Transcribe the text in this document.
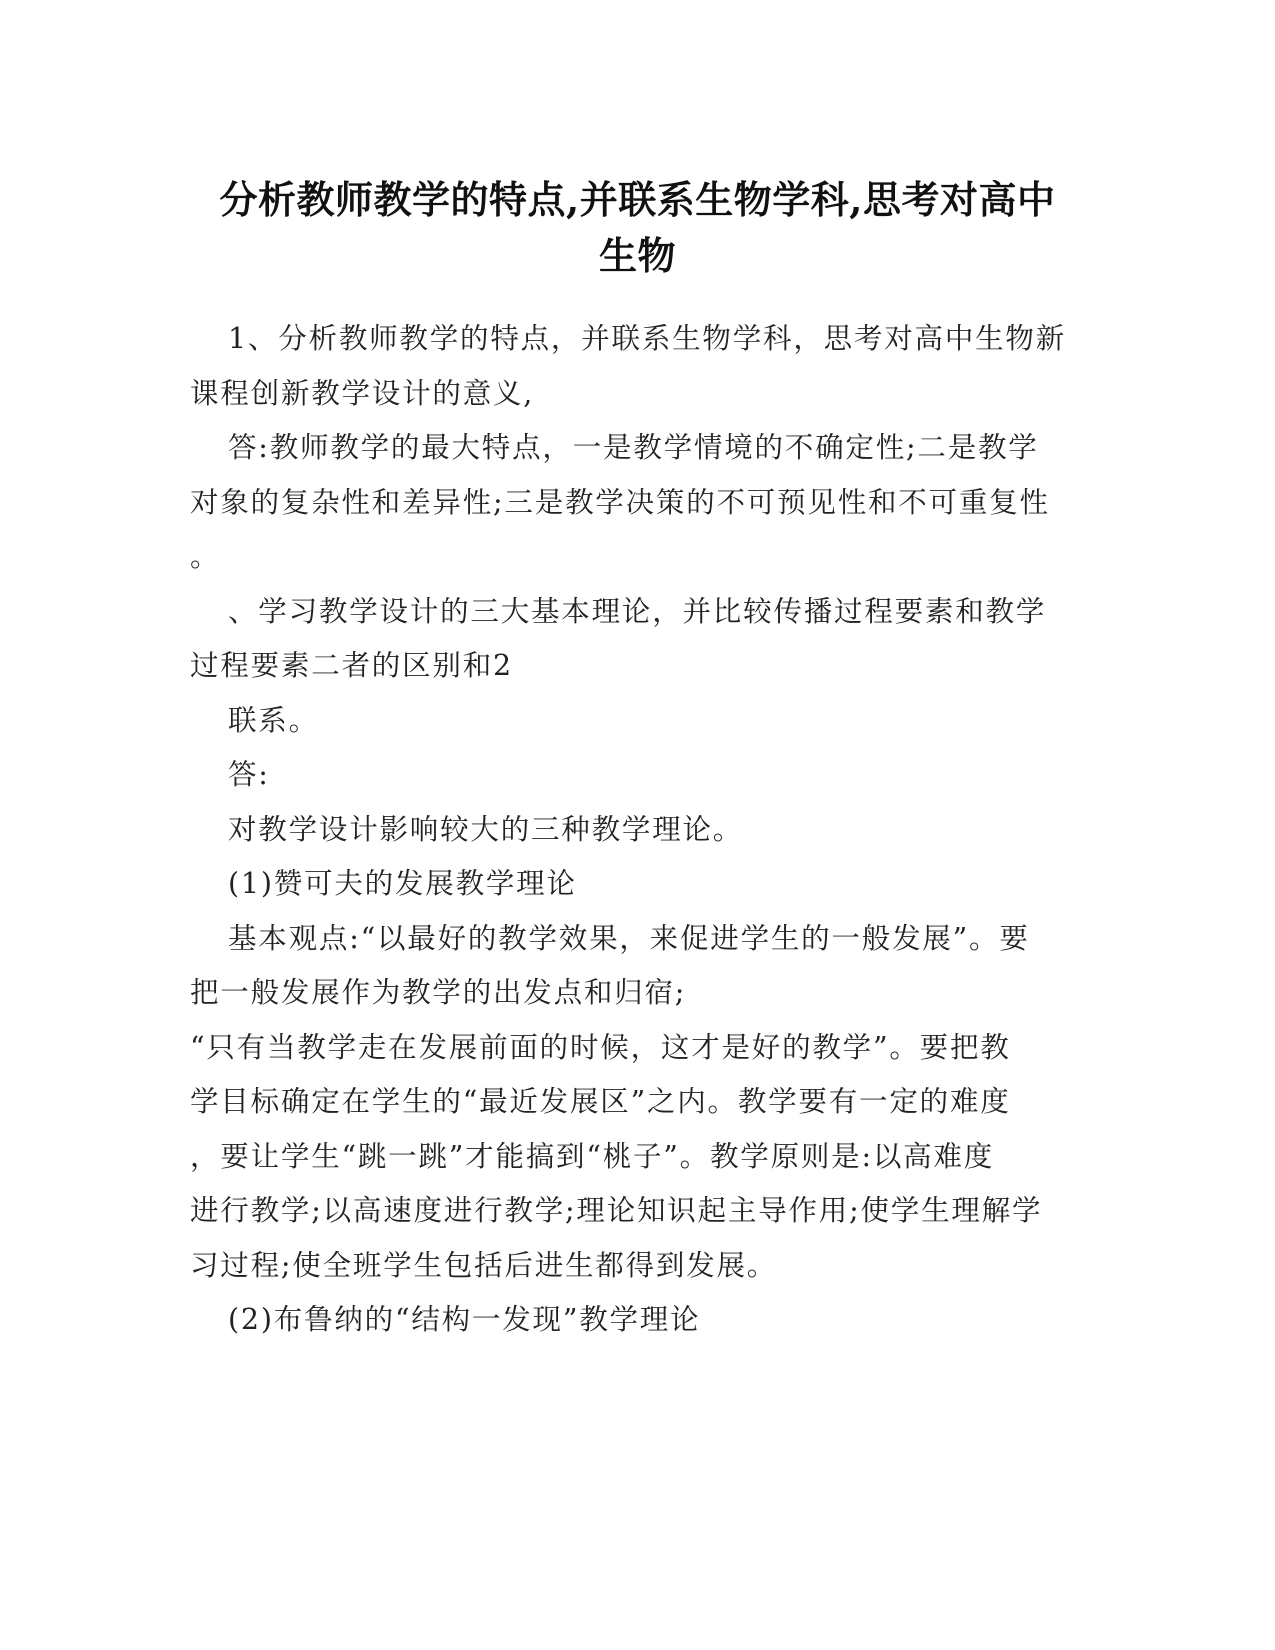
分析教师教学的特点,并联系生物学科,思考对高中
生物
1、分析教师教学的特点，并联系生物学科，思考对高中生物新
课程创新教学设计的意义,
答:教师教学的最大特点，一是教学情境的不确定性;二是教学
对象的复杂性和差异性;三是教学决策的不可预见性和不可重复性
。
、学习教学设计的三大基本理论，并比较传播过程要素和教学
过程要素二者的区别和2
联系。
答:
对教学设计影响较大的三种教学理论。
(1)赞可夫的发展教学理论
基本观点:“以最好的教学效果，来促进学生的一般发展”。要
把一般发展作为教学的出发点和归宿;
“只有当教学走在发展前面的时候，这才是好的教学”。要把教
学目标确定在学生的“最近发展区”之内。教学要有一定的难度
，要让学生“跳一跳”才能搞到“桃子”。教学原则是:以高难度
进行教学;以高速度进行教学;理论知识起主导作用;使学生理解学
习过程;使全班学生包括后进生都得到发展。
(2)布鲁纳的“结构一发现”教学理论
